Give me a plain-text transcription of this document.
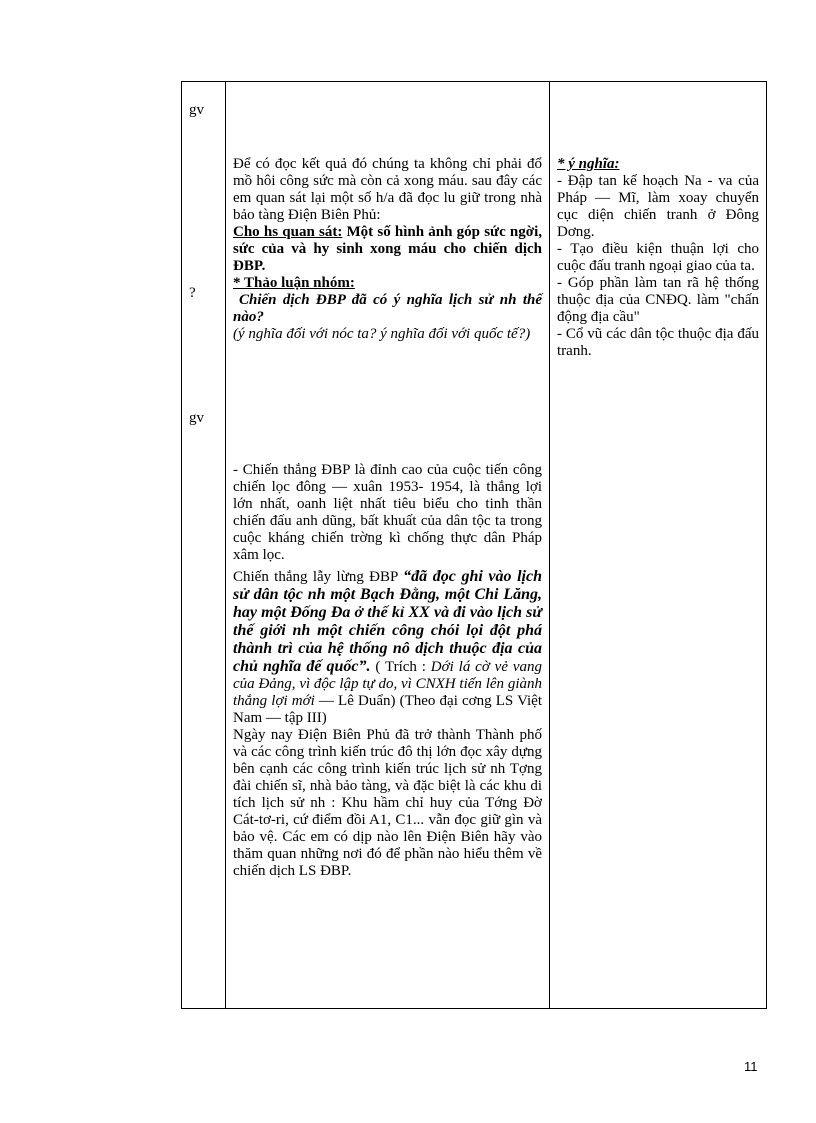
gv
?
gv

Để có đọc kết quả đó chúng ta không chỉ phải đổ mồ hôi công sức mà còn cả xong máu. sau đây các em quan sát lại một số h/a đã đọc lu giữ trong nhà bảo tàng Điện Biên Phủ:

Cho hs quan sát: Một số hình ảnh góp sức ngời, sức của và hy sinh xong máu cho chiến dịch ĐBP.

* Thảo luận nhóm:

Chiến dịch ĐBP đã có ý nghĩa lịch sử nh thế nào?

(ý nghĩa đối với nóc ta? ý nghĩa đối với quốc tế?)

- Chiến thắng ĐBP là đỉnh cao của cuộc tiến công chiến lọc đông — xuân 1953- 1954, là thắng lợi lớn nhất, oanh liệt nhất tiêu biểu cho tinh thần chiến đấu anh dũng, bất khuất của dân tộc ta trong cuộc kháng chiến trờng kì chống thực dân Pháp xâm lọc.

Chiến thắng lẫy lừng ĐBP “đã đọc ghi vào lịch sử dân tộc nh một Bạch Đằng, một Chi Lăng, hay một Đống Đa ở thế kỉ XX và đi vào lịch sử thế giới nh một chiến công chói lọi đột phá thành trì của hệ thống nô dịch thuộc địa của chủ nghĩa đế quốc”. ( Trích : Dới lá cờ vẻ vang của Đảng, vì độc lập tự do, vì CNXH tiến lên giành thắng lợi mới — Lê Duẩn) (Theo đại cơng LS Việt Nam — tập III)

Ngày nay Điện Biên Phủ đã trở thành Thành phố và các công trình kiến trúc đô thị lớn đọc xây dựng bên cạnh các công trình kiến trúc lịch sử nh Tợng đài chiến sĩ, nhà bảo tàng, và đặc biệt là các khu di tích lịch sử nh : Khu hầm chỉ huy của Tớng Đờ Cát-tơ-ri, cứ điểm đồi A1, C1... vẫn đọc giữ gìn và bảo vệ. Các em có dịp nào lên Điện Biên hãy vào thăm quan những nơi đó để phần nào hiểu thêm về chiến dịch LS ĐBP.

* ý nghĩa:

- Đập tan kế hoạch Na - va của Pháp — Mĩ, làm xoay chuyển cục diện chiến tranh ở Đông Dơng.

- Tạo điều kiện thuận lợi cho cuộc đấu tranh ngoại giao của ta.

- Góp phần làm tan rã hệ thống thuộc địa của CNĐQ. làm "chấn động địa cầu"

- Cổ vũ các dân tộc thuộc địa đấu tranh.

11
